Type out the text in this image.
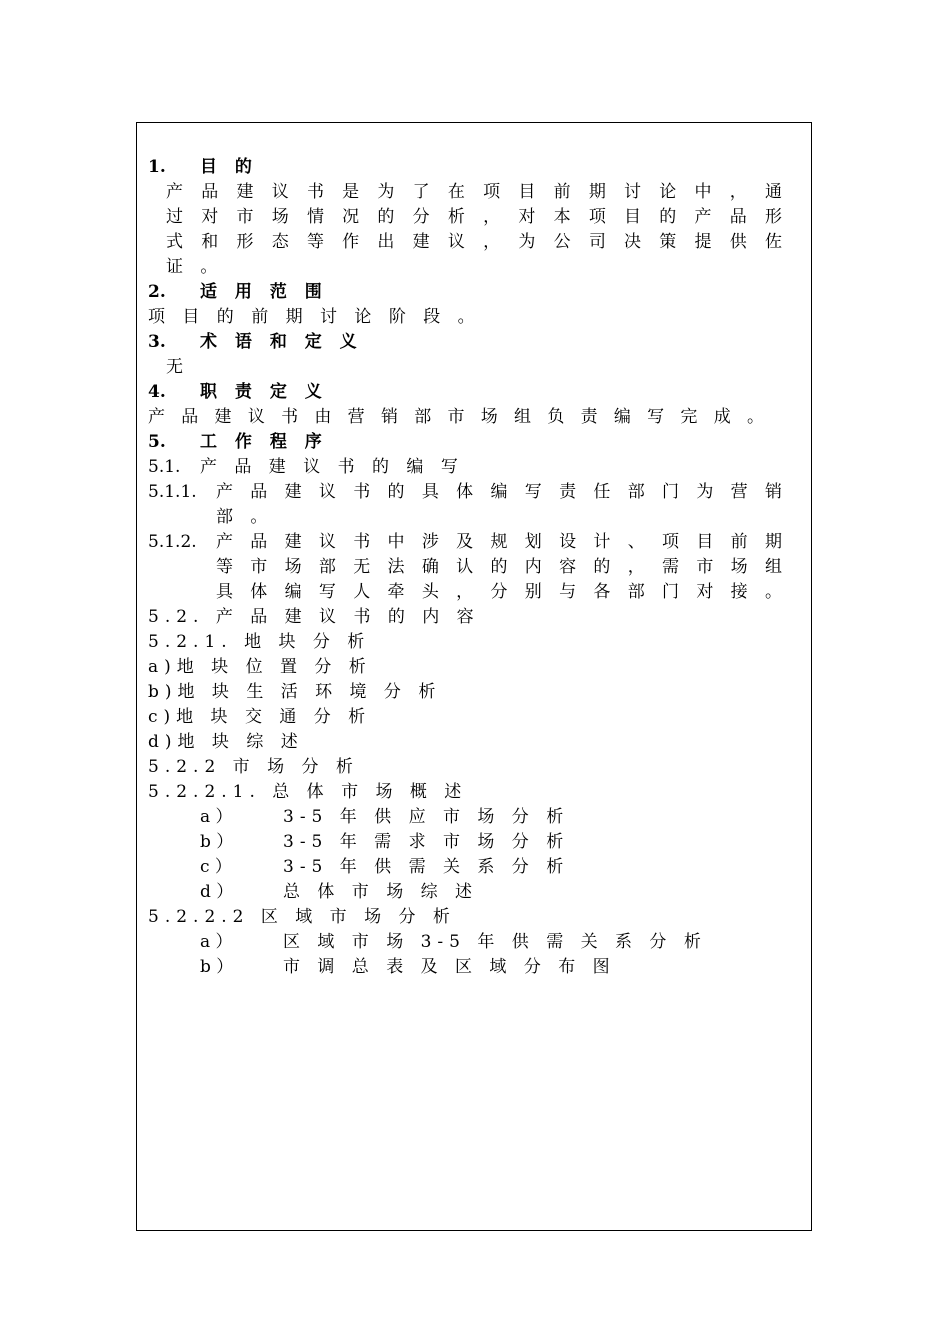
1. 目 的
产 品 建 议 书 是 为 了 在 项 目 前 期 讨 论 中 ， 通
过 对 市 场 情 况 的 分 析 ， 对 本 项 目 的 产 品 形
式 和 形 态 等 作 出 建 议 ， 为 公 司 决 策 提 供 佐
证 。
2. 适 用 范 围
项 目 的 前 期 讨 论 阶 段 。
3. 术 语 和 定 义
无
4. 职 责 定 义
产 品 建 议 书 由 营 销 部 市 场 组 负 责 编 写 完 成 。
5. 工 作 程 序
5.1. 产 品 建 议 书 的 编 写
5.1.1. 产 品 建 议 书 的 具 体 编 写 责 任 部 门 为 营 销
部 。
5.1.2. 产 品 建 议 书 中 涉 及 规 划 设 计 、 项 目 前 期
等 市 场 部 无 法 确 认 的 内 容 的 ， 需 市 场 组
具 体 编 写 人 牵 头 ， 分 别 与 各 部 门 对 接 。
5.2. 产 品 建 议 书 的 内 容
5.2.1. 地 块 分 析
a)地 块 位 置 分 析
b)地 块 生 活 环 境 分 析
c)地 块 交 通 分 析
d)地 块 综 述
5.2.2 市 场 分 析
5.2.2.1. 总 体 市 场 概 述
a ）	3-5 年 供 应 市 场 分 析
b ）	3-5 年 需 求 市 场 分 析
c ）	3-5 年 供 需 关 系 分 析
d ）	总 体 市 场 综 述
5.2.2.2 区 域 市 场 分 析
a ）	区 域 市 场 3-5 年 供 需 关 系 分 析
b ）	市 调 总 表 及 区 域 分 布 图
